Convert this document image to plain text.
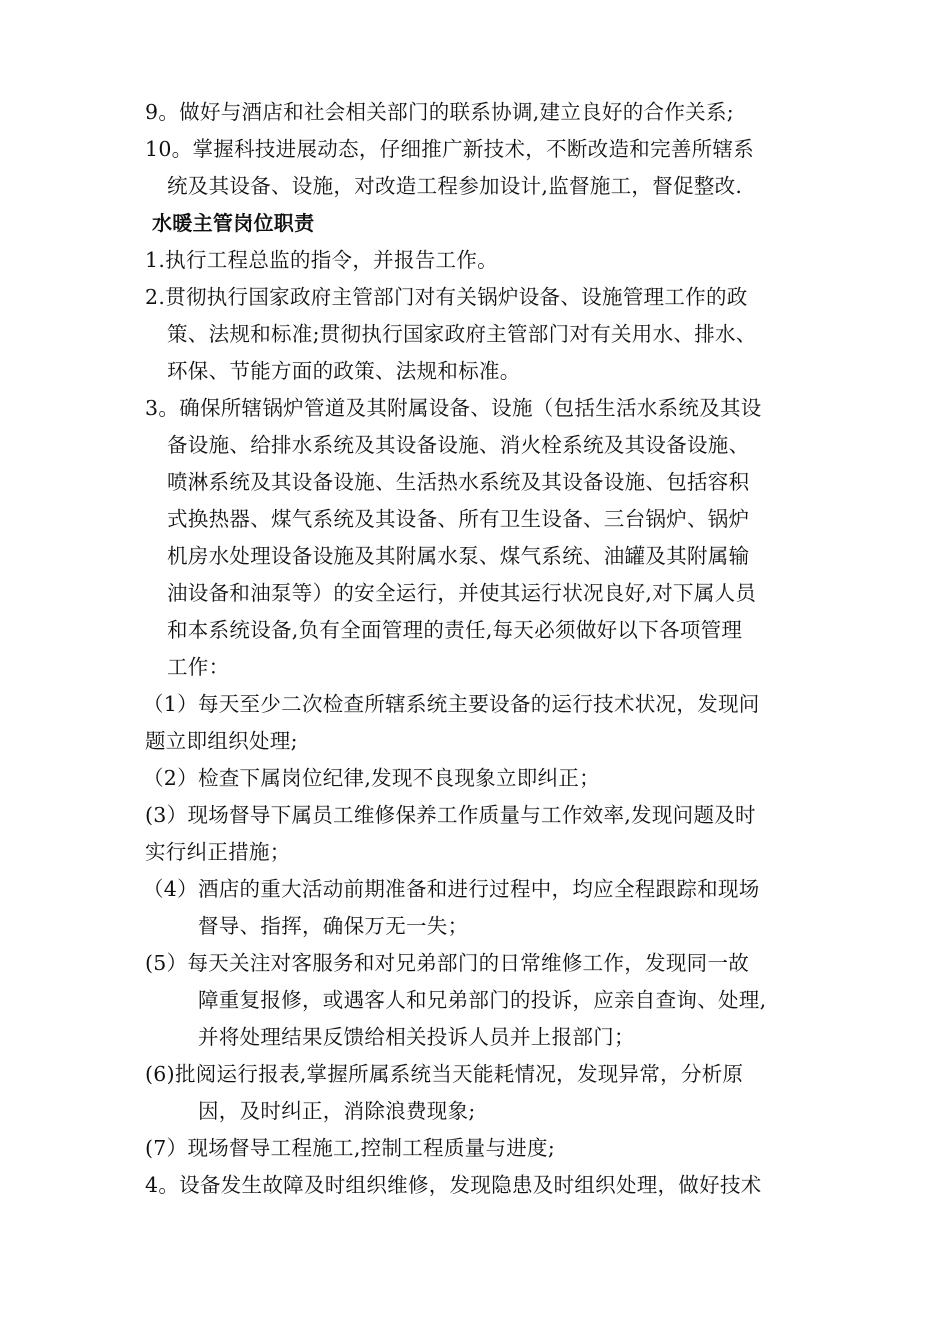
9。做好与酒店和社会相关部门的联系协调,建立良好的合作关系;
10。掌握科技进展动态，仔细推广新技术，不断改造和完善所辖系
统及其设备、设施，对改造工程参加设计,监督施工，督促整改.
水暖主管岗位职责
1.执行工程总监的指令，并报告工作。
2.贯彻执行国家政府主管部门对有关锅炉设备、设施管理工作的政
策、法规和标准;贯彻执行国家政府主管部门对有关用水、排水、
环保、节能方面的政策、法规和标准。
3。确保所辖锅炉管道及其附属设备、设施（包括生活水系统及其设
备设施、给排水系统及其设备设施、消火栓系统及其设备设施、
喷淋系统及其设备设施、生活热水系统及其设备设施、包括容积
式换热器、煤气系统及其设备、所有卫生设备、三台锅炉、锅炉
机房水处理设备设施及其附属水泵、煤气系统、油罐及其附属输
油设备和油泵等）的安全运行，并使其运行状况良好,对下属人员
和本系统设备,负有全面管理的责任,每天必须做好以下各项管理
工作：
（1）每天至少二次检查所辖系统主要设备的运行技术状况，发现问
题立即组织处理;
（2）检查下属岗位纪律,发现不良现象立即纠正；
(3）现场督导下属员工维修保养工作质量与工作效率,发现问题及时
实行纠正措施；
（4）酒店的重大活动前期准备和进行过程中，均应全程跟踪和现场
督导、指挥，确保万无一失；
(5）每天关注对客服务和对兄弟部门的日常维修工作，发现同一故
障重复报修，或遇客人和兄弟部门的投诉，应亲自查询、处理,
并将处理结果反馈给相关投诉人员并上报部门；
(6)批阅运行报表,掌握所属系统当天能耗情况，发现异常，分析原
因，及时纠正，消除浪费现象;
(7）现场督导工程施工,控制工程质量与进度;
4。设备发生故障及时组织维修，发现隐患及时组织处理，做好技术
